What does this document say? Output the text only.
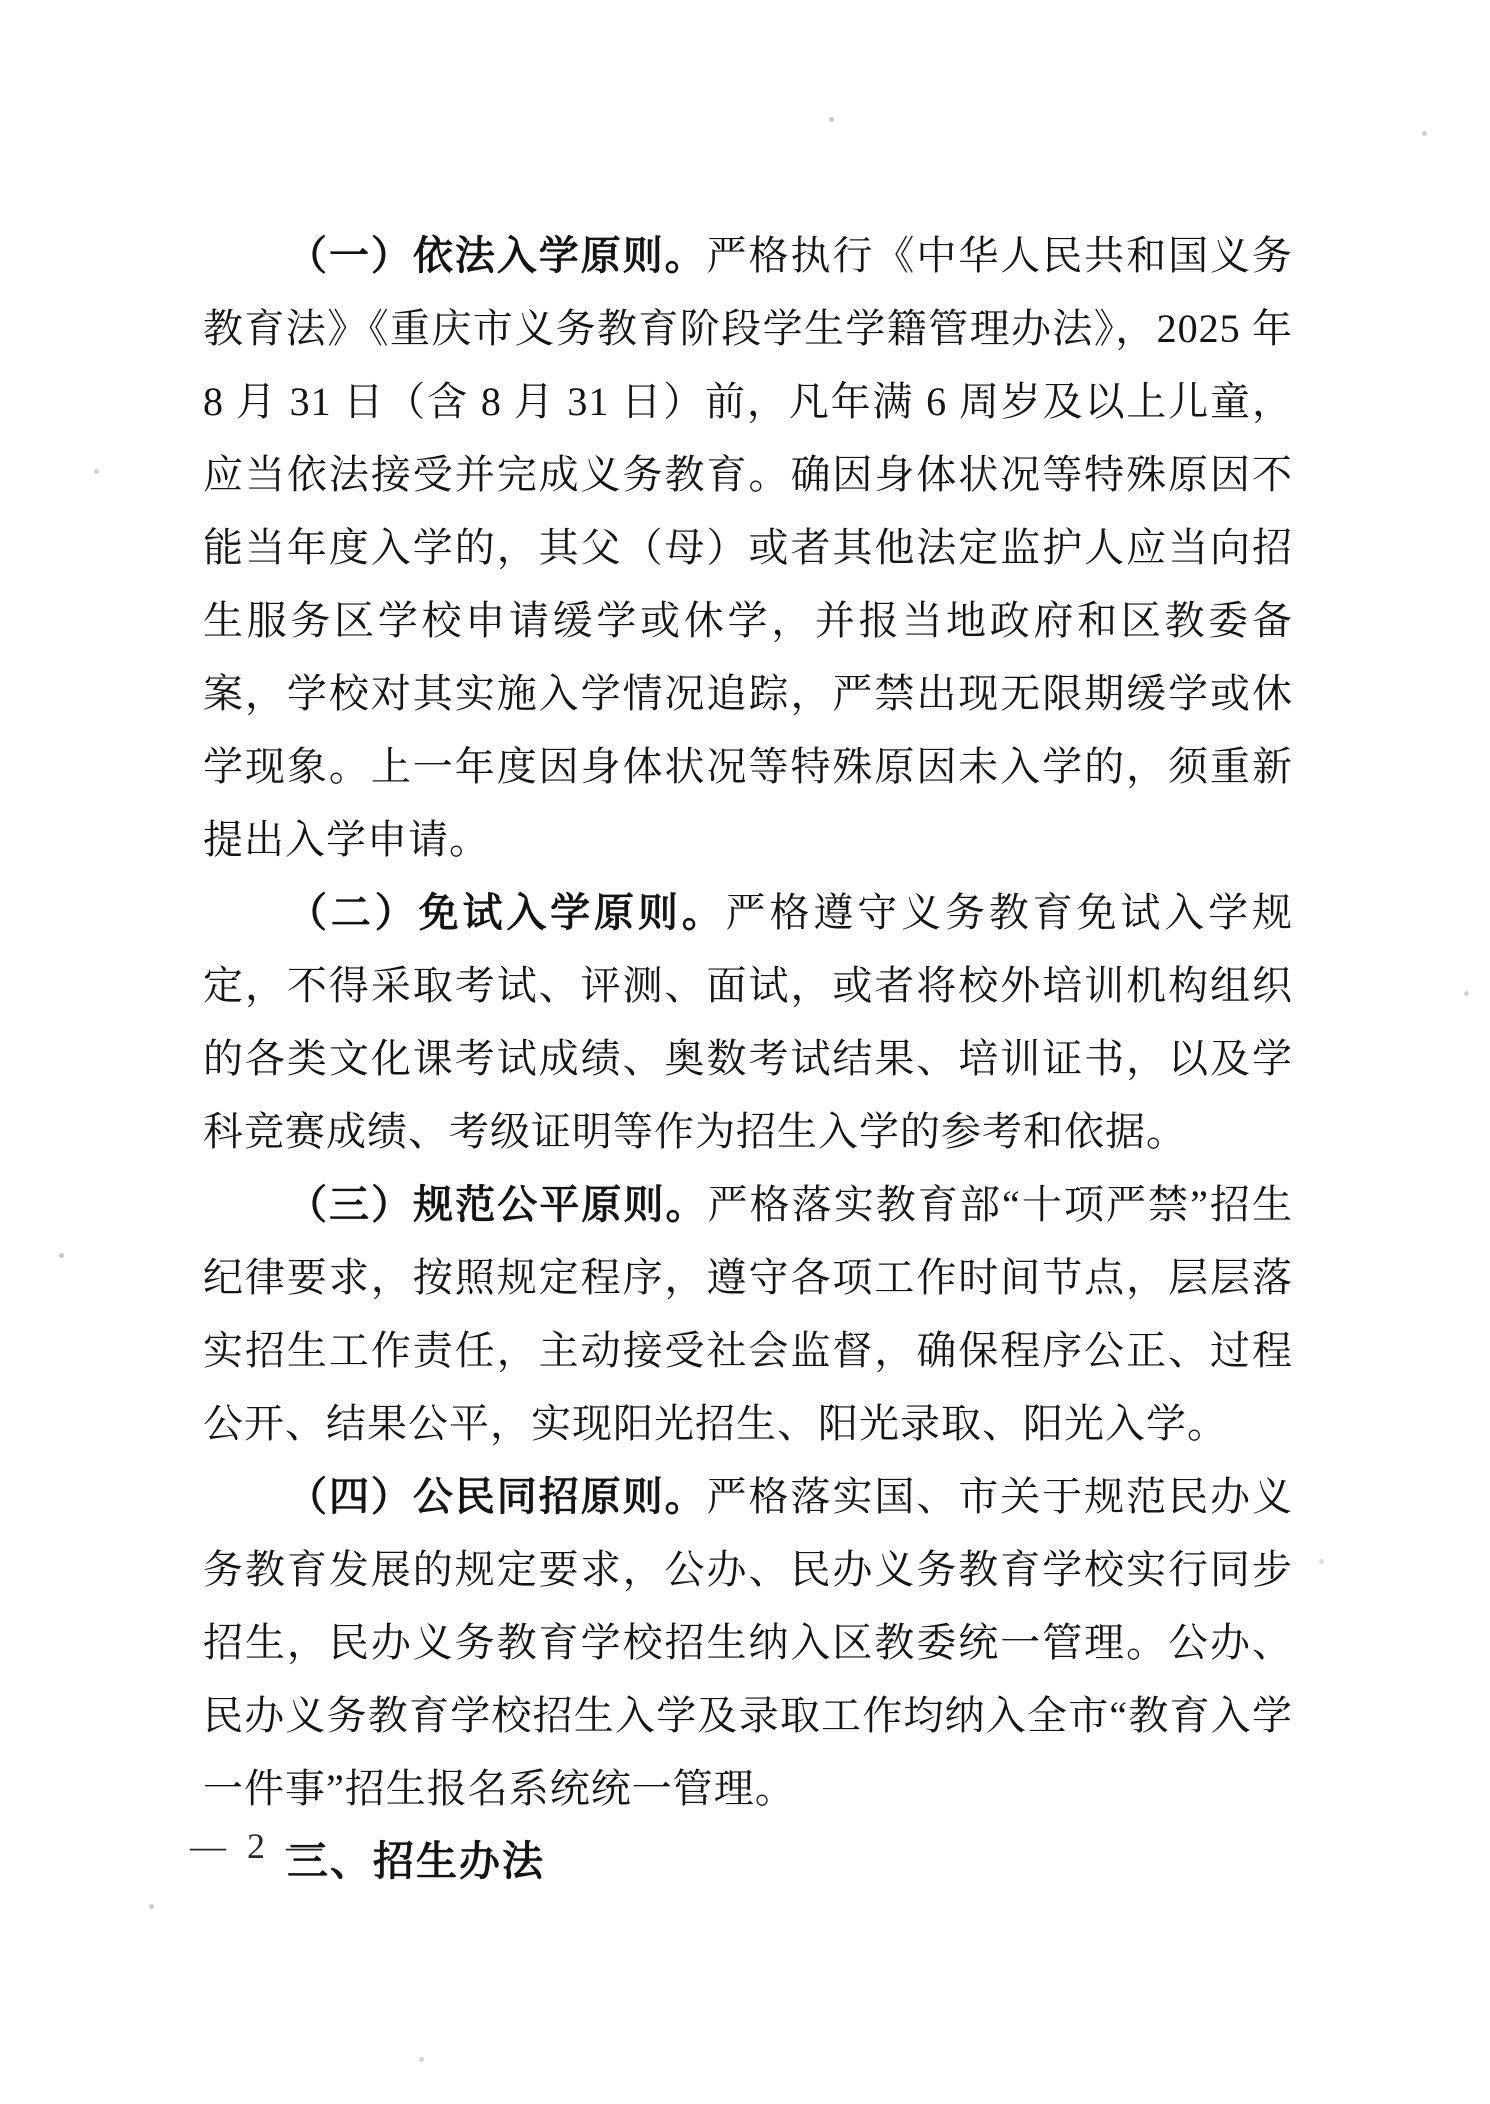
（一）依法入学原则。严格执行《中华人民共和国义务教育法》《重庆市义务教育阶段学生学籍管理办法》，2025 年 8 月 31 日（含 8 月 31 日）前，凡年满 6 周岁及以上儿童，应当依法接受并完成义务教育。确因身体状况等特殊原因不能当年度入学的，其父（母）或者其他法定监护人应当向招生服务区学校申请缓学或休学，并报当地政府和区教委备案，学校对其实施入学情况追踪，严禁出现无限期缓学或休学现象。上一年度因身体状况等特殊原因未入学的，须重新提出入学申请。

（二）免试入学原则。严格遵守义务教育免试入学规定，不得采取考试、评测、面试，或者将校外培训机构组织的各类文化课考试成绩、奥数考试结果、培训证书，以及学科竞赛成绩、考级证明等作为招生入学的参考和依据。

（三）规范公平原则。严格落实教育部“十项严禁”招生纪律要求，按照规定程序，遵守各项工作时间节点，层层落实招生工作责任，主动接受社会监督，确保程序公正、过程公开、结果公平，实现阳光招生、阳光录取、阳光入学。

（四）公民同招原则。严格落实国、市关于规范民办义务教育发展的规定要求，公办、民办义务教育学校实行同步招生，民办义务教育学校招生纳入区教委统一管理。公办、民办义务教育学校招生入学及录取工作均纳入全市“教育入学一件事”招生报名系统统一管理。

三、招生办法

— 2 —
